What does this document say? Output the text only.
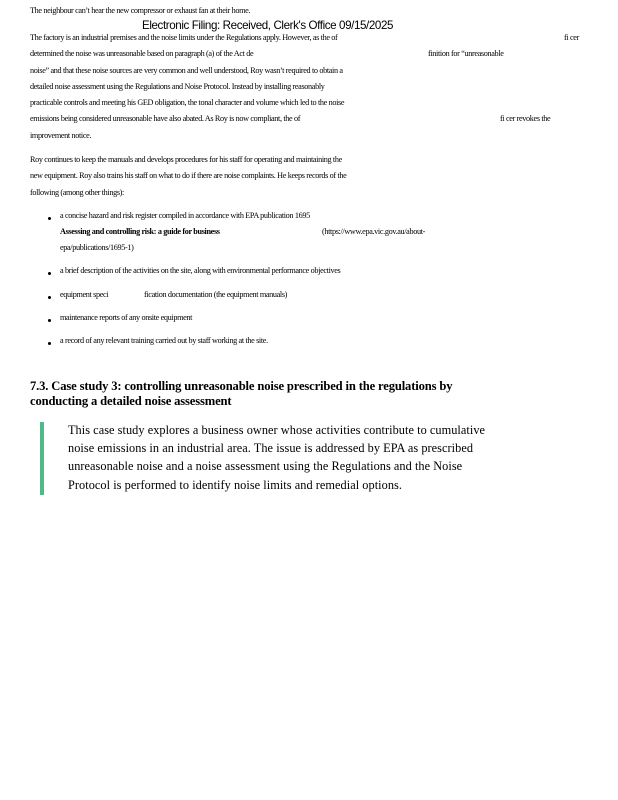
The neighbour can’t hear the new compressor or exhaust fan at their home.
Electronic Filing: Received, Clerk's Office 09/15/2025
The factory is an industrial premises and the noise limits under the Regulations apply. However, as the of	fi cer
determined the noise was unreasonable based on paragraph (a) of the Act de	finition for “unreasonable
noise” and that these noise sources are very common and well understood, Roy wasn’t required to obtain a
detailed noise assessment using the Regulations and Noise Protocol. Instead by installing reasonably
practicable controls and meeting his GED obligation, the tonal character and volume which led to the noise
emissions being considered unreasonable have also abated. As Roy is now compliant, the of	fi cer revokes the
improvement notice.
Roy continues to keep the manuals and develops procedures for his staff for operating and maintaining the
new equipment. Roy also trains his staff on what to do if there are noise complaints. He keeps records of the
following (among other things):
a concise hazard and risk register compiled in accordance with EPA publication 1695
Assessing and controlling risk: a guide for business	(https://www.epa.vic.gov.au/about-
epa/publications/1695-1)
a brief description of the activities on the site, along with environmental performance objectives
equipment speci	fication documentation (the equipment manuals)
maintenance reports of any onsite equipment
a record of any relevant training carried out by staff working at the site.
7.3. Case study 3: controlling unreasonable noise prescribed in the regulations by
conducting a detailed noise assessment
This case study explores a business owner whose activities contribute to cumulative
noise emissions in an industrial area. The issue is addressed by EPA as prescribed
unreasonable noise and a noise assessment using the Regulations and the Noise
Protocol is performed to identify noise limits and remedial options.
